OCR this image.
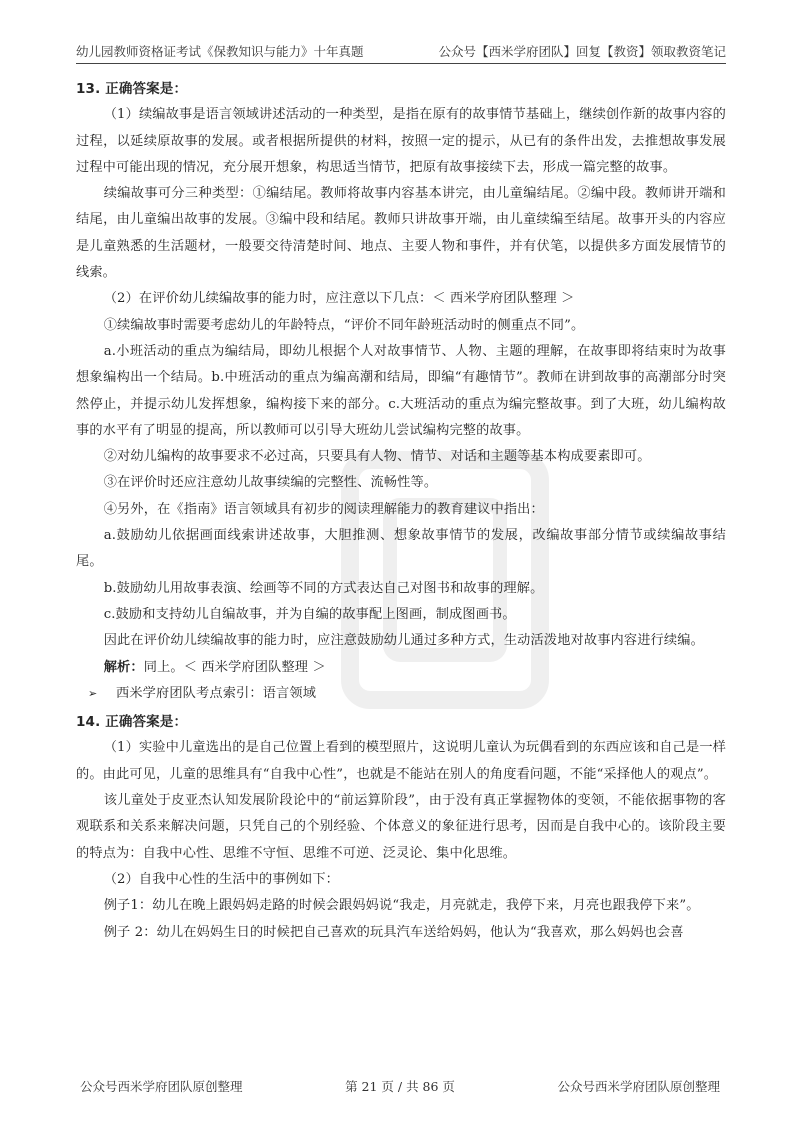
幼儿园教师资格证考试《保教知识与能力》十年真题	公众号【西米学府团队】回复【教资】领取教资笔记

13. 正确答案是：

（1）续编故事是语言领域讲述活动的一种类型，是指在原有的故事情节基础上，继续创作新的故事内容的过程，以延续原故事的发展。或者根据所提供的材料，按照一定的提示，从已有的条件出发，去推想故事发展过程中可能出现的情况，充分展开想象，构思适当情节，把原有故事接续下去，形成一篇完整的故事。

续编故事可分三种类型：①编结尾。教师将故事内容基本讲完，由儿童编结尾。②编中段。教师讲开端和结尾，由儿童编出故事的发展。③编中段和结尾。教师只讲故事开端，由儿童续编至结尾。故事开头的内容应是儿童熟悉的生活题材，一般要交待清楚时间、地点、主要人物和事件，并有伏笔，以提供多方面发展情节的线索。

（2）在评价幼儿续编故事的能力时，应注意以下几点：＜ 西米学府团队整理 ＞

①续编故事时需要考虑幼儿的年龄特点，“评价不同年龄班活动时的侧重点不同”。

a.小班活动的重点为编结局，即幼儿根据个人对故事情节、人物、主题的理解，在故事即将结束时为故事想象编构出一个结局。b.中班活动的重点为编高潮和结局，即编“有趣情节”。教师在讲到故事的高潮部分时突然停止，并提示幼儿发挥想象，编构接下来的部分。c.大班活动的重点为编完整故事。到了大班，幼儿编构故事的水平有了明显的提高，所以教师可以引导大班幼儿尝试编构完整的故事。

②对幼儿编构的故事要求不必过高，只要具有人物、情节、对话和主题等基本构成要素即可。

③在评价时还应注意幼儿故事续编的完整性、流畅性等。

④另外，在《指南》语言领域具有初步的阅读理解能力的教育建议中指出：

a.鼓励幼儿依据画面线索讲述故事，大胆推测、想象故事情节的发展，改编故事部分情节或续编故事结尾。

b.鼓励幼儿用故事表演、绘画等不同的方式表达自己对图书和故事的理解。

c.鼓励和支持幼儿自编故事，并为自编的故事配上图画，制成图画书。

因此在评价幼儿续编故事的能力时，应注意鼓励幼儿通过多种方式，生动活泼地对故事内容进行续编。

解析：同上。＜ 西米学府团队整理 ＞

➢ 西米学府团队考点索引：语言领域

14. 正确答案是：

（1）实验中儿童选出的是自己位置上看到的模型照片，这说明儿童认为玩偶看到的东西应该和自己是一样的。由此可见，儿童的思维具有“自我中心性”，也就是不能站在别人的角度看问题，不能“采择他人的观点”。

该儿童处于皮亚杰认知发展阶段论中的“前运算阶段”，由于没有真正掌握物体的变领，不能依据事物的客观联系和关系来解决问题，只凭自己的个别经验、个体意义的象征进行思考，因而是自我中心的。该阶段主要的特点为：自我中心性、思维不守恒、思维不可逆、泛灵论、集中化思维。

（2）自我中心性的生活中的事例如下：

例子1：幼儿在晚上跟妈妈走路的时候会跟妈妈说“我走，月亮就走，我停下来，月亮也跟我停下来”。

例子 2：幼儿在妈妈生日的时候把自己喜欢的玩具汽车送给妈妈，他认为“我喜欢，那么妈妈也会喜

公众号西米学府团队原创整理	第 21 页 / 共 86 页	公众号西米学府团队原创整理
